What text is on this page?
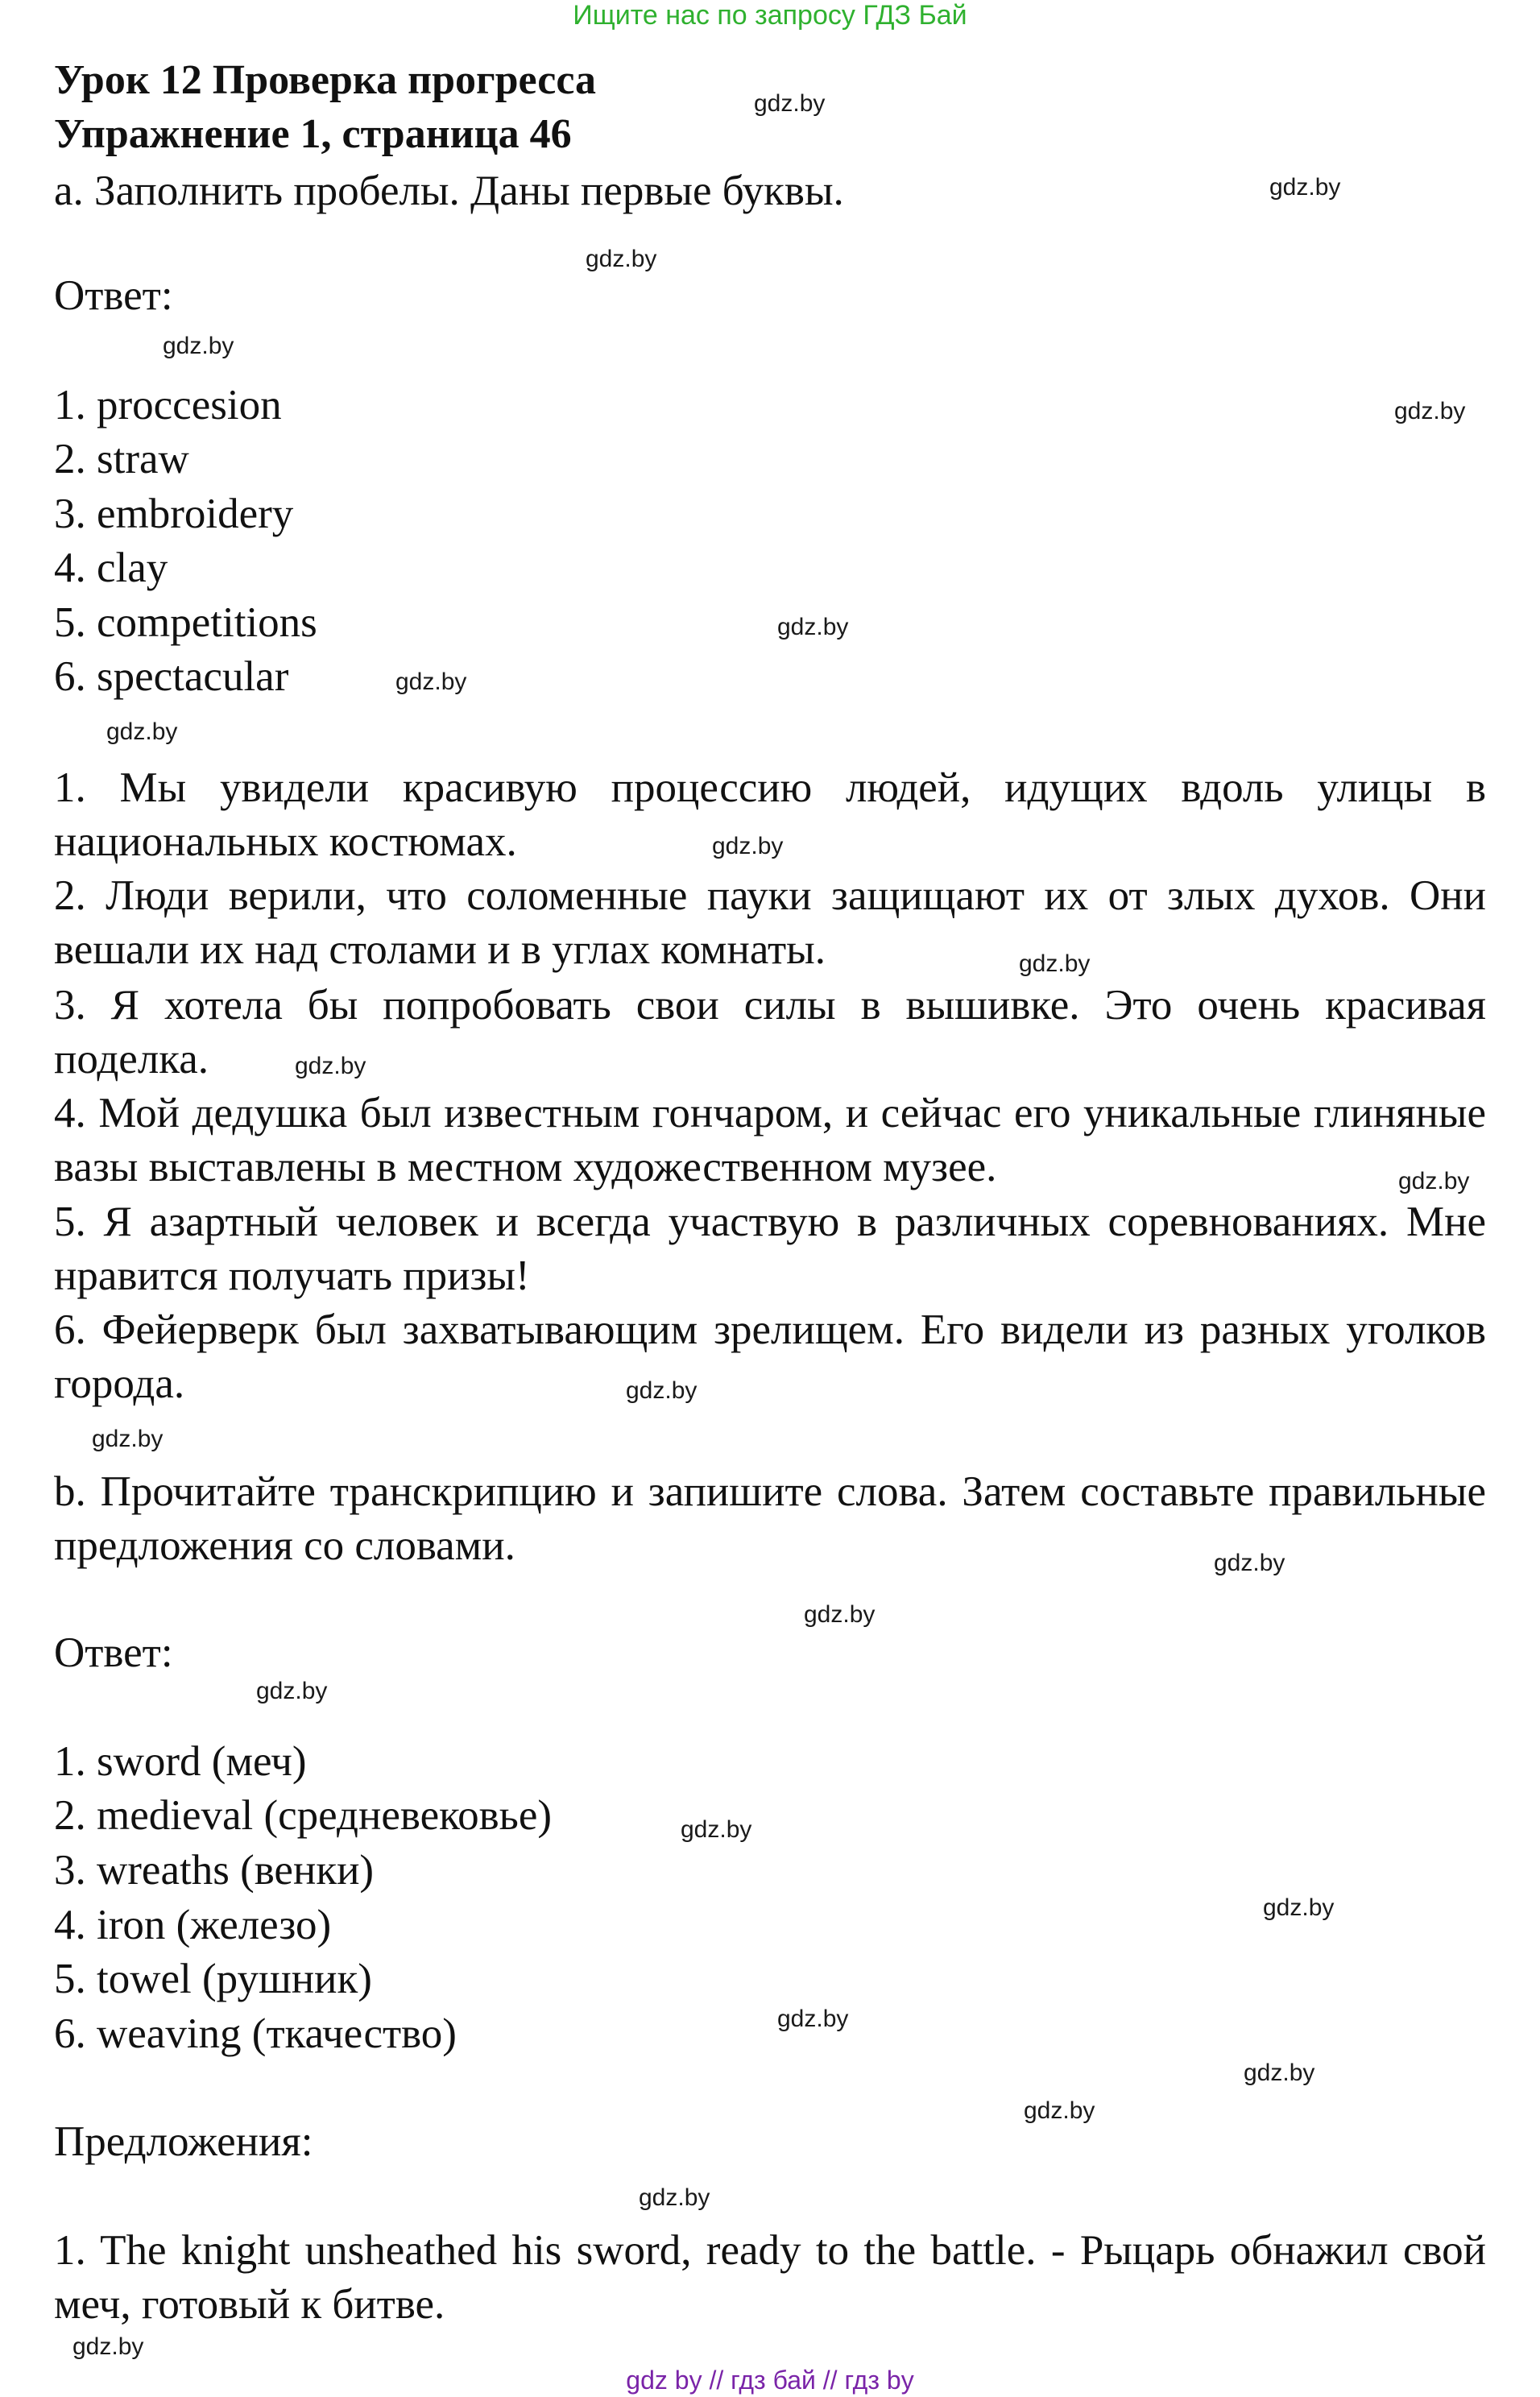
Ищите нас по запросу ГДЗ Бай
Урок 12 Проверка прогресса
Упражнение 1, страница 46
a. Заполнить пробелы. Даны первые буквы.
Ответ:
1. proccesion
2. straw
3. embroidery
4. clay
5. competitions
6. spectacular
1. Мы увидели красивую процессию людей, идущих вдоль улицы в национальных костюмах.
2. Люди верили, что соломенные пауки защищают их от злых духов. Они вешали их над столами и в углах комнаты.
3. Я хотела бы попробовать свои силы в вышивке. Это очень красивая поделка.
4. Мой дедушка был известным гончаром, и сейчас его уникальные глиняные вазы выставлены в местном художественном музее.
5. Я азартный человек и всегда участвую в различных соревнованиях. Мне нравится получать призы!
6. Фейерверк был захватывающим зрелищем. Его видели из разных уголков города.
b. Прочитайте транскрипцию и запишите слова. Затем составьте правильные предложения со словами.
Ответ:
1. sword (меч)
2. medieval (средневековье)
3. wreaths (венки)
4. iron (железо)
5. towel (рушник)
6. weaving (ткачество)
Предложения:
1. The knight unsheathed his sword, ready to the battle. - Рыцарь обнажил свой меч, готовый к битве.
gdz.by
gdz.by
gdz.by
gdz.by
gdz.by
gdz.by
gdz.by
gdz.by
gdz.by
gdz.by
gdz.by
gdz.by
gdz.by
gdz.by
gdz.by
gdz.by
gdz.by
gdz.by
gdz.by
gdz.by
gdz.by
gdz.by
gdz.by
gdz.by
gdz by // гдз бай // гдз by
